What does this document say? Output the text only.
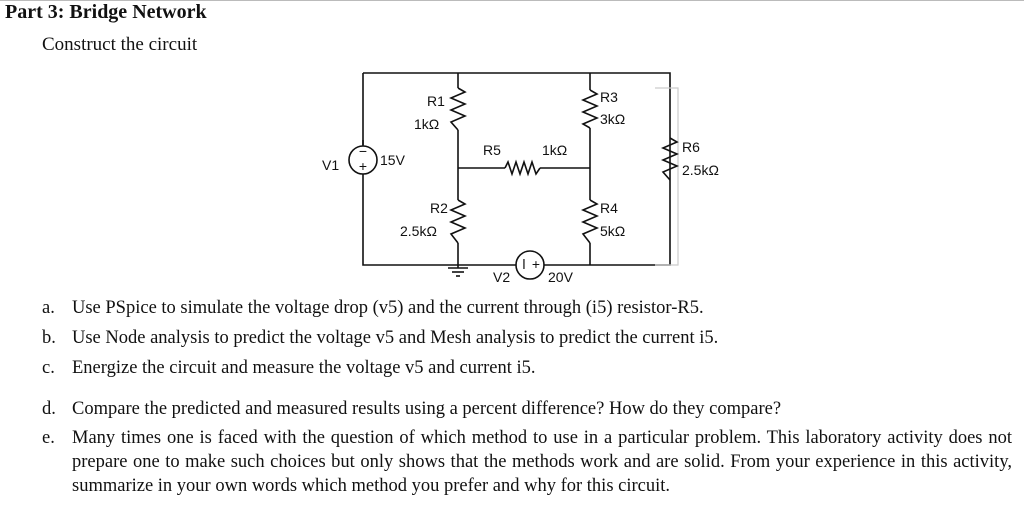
Part 3: Bridge Network
Construct the circuit
−
+
ǀ +
V1	15V
R1
1kΩ
R2
2.5kΩ
R3
3kΩ
R4
5kΩ
R5	1kΩ	R6
2.5kΩ
V2	20V
a. Use PSpice to simulate the voltage drop (v5) and the current through (i5) resistor-R5.
b. Use Node analysis to predict the voltage v5 and Mesh analysis to predict the current i5.
c. Energize the circuit and measure the voltage v5 and current i5.
d. Compare the predicted and measured results using a percent difference? How do they compare?
e. Many times one is faced with the question of which method to use in a particular problem. This laboratory activity does not prepare one to make such choices but only shows that the methods work and are solid. From your experience in this activity, summarize in your own words which method you prefer and why for this circuit.
